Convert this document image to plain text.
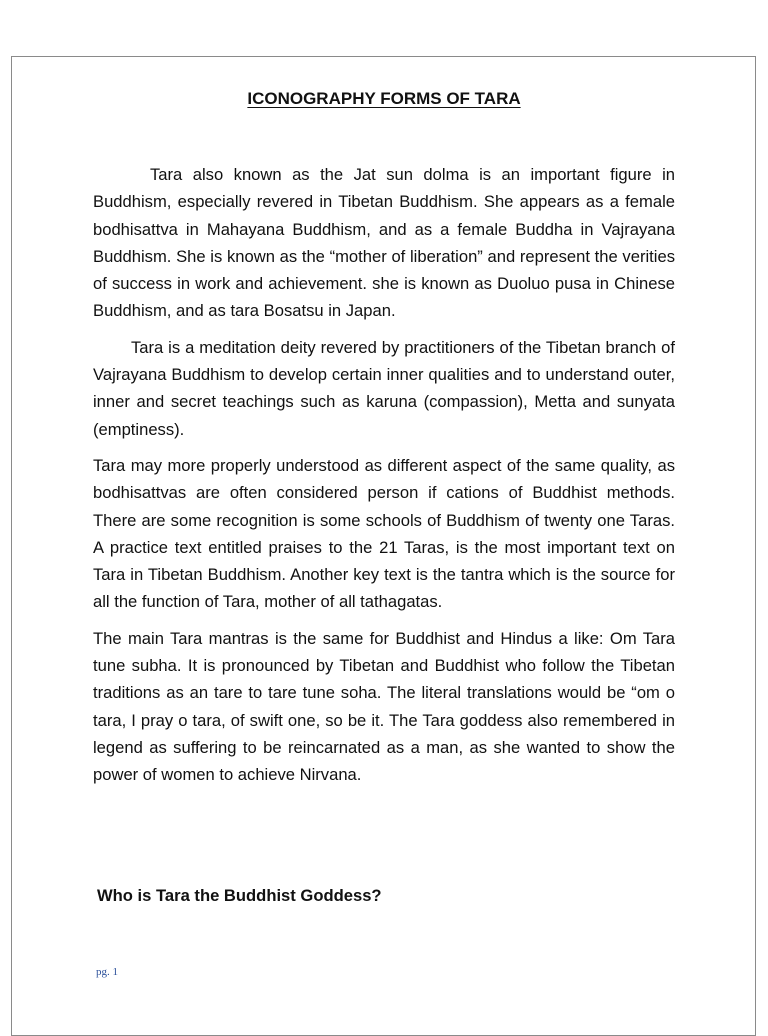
ICONOGRAPHY FORMS OF TARA

Tara also known as the Jat sun dolma is an important figure in Buddhism, especially revered in Tibetan Buddhism. She appears as a female bodhisattva in Mahayana Buddhism, and as a female Buddha in Vajrayana Buddhism. She is known as the “mother of liberation” and represent the verities of success in work and achievement. she is known as Duoluo pusa in Chinese Buddhism, and as tara Bosatsu in Japan.

Tara is a meditation deity revered by practitioners of the Tibetan branch of Vajrayana Buddhism to develop certain inner qualities and to understand outer, inner and secret teachings such as karuna (compassion), Metta and sunyata (emptiness).

Tara may more properly understood as different aspect of the same quality, as bodhisattvas are often considered person if cations of Buddhist methods. There are some recognition is some schools of Buddhism of twenty one Taras. A practice text entitled praises to the 21 Taras, is the most important text on Tara in Tibetan Buddhism. Another key text is the tantra which is the source for all the function of Tara, mother of all tathagatas.

The main Tara mantras is the same for Buddhist and Hindus a like: Om Tara tune subha. It is pronounced by Tibetan and Buddhist who follow the Tibetan traditions as an tare to tare tune soha. The literal translations would be “om o tara, I pray o tara, of swift one, so be it. The Tara goddess also remembered in legend as suffering to be reincarnated as a man, as she wanted to show the power of women to achieve Nirvana.

Who is Tara the Buddhist Goddess?
pg. 1
